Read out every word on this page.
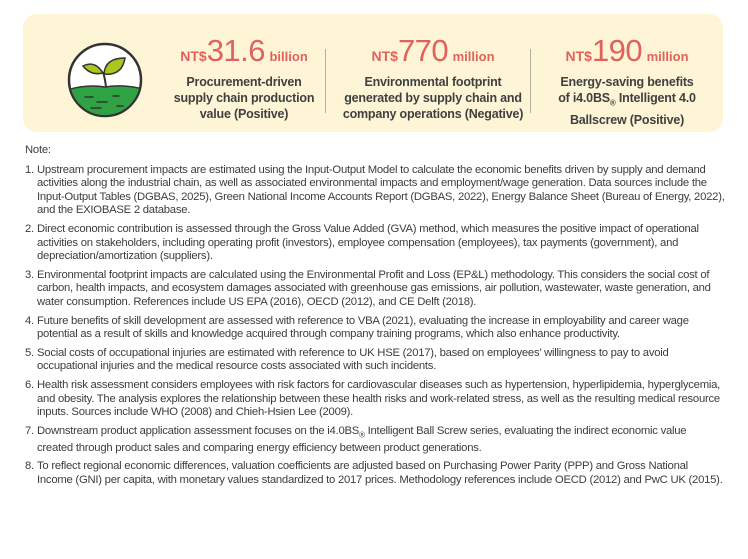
NT$31.6 billion
Procurement-driven
supply chain production
value (Positive)
NT$770 million
Environmental footprint
generated by supply chain and
company operations (Negative)
NT$190 million
Energy-saving benefits
of $i4.0BS_®$ Intelligent 4.0
Ballscrew (Positive)
Note:
1. Upstream procurement impacts are estimated using the Input-Output Model to calculate the economic benefits driven by supply and demand activities along the industrial chain, as well as associated environmental impacts and employment/wage generation. Data sources include the Input-Output Tables (DGBAS, 2025), Green National Income Accounts Report (DGBAS, 2022), Energy Balance Sheet (Bureau of Energy, 2022), and the EXIOBASE 2 database.
2. Direct economic contribution is assessed through the Gross Value Added (GVA) method, which measures the positive impact of operational activities on stakeholders, including operating profit (investors), employee compensation (employees), tax payments (government), and depreciation/amortization (suppliers).
3. Environmental footprint impacts are calculated using the Environmental Profit and Loss (EP&L) methodology. This considers the social cost of carbon, health impacts, and ecosystem damages associated with greenhouse gas emissions, air pollution, wastewater, waste generation, and water consumption. References include US EPA (2016), OECD (2012), and CE Delft (2018).
4. Future benefits of skill development are assessed with reference to VBA (2021), evaluating the increase in employability and career wage potential as a result of skills and knowledge acquired through company training programs, which also enhance productivity.
5. Social costs of occupational injuries are estimated with reference to UK HSE (2017), based on employees’ willingness to pay to avoid occupational injuries and the medical resource costs associated with such incidents.
6. Health risk assessment considers employees with risk factors for cardiovascular diseases such as hypertension, hyperlipidemia, hyperglycemia, and obesity. The analysis explores the relationship between these health risks and work-related stress, as well as the resulting medical resource inputs. Sources include WHO (2008) and Chieh-Hsien Lee (2009).
7. Downstream product application assessment focuses on the $i4.0BS_®$ Intelligent Ball Screw series, evaluating the indirect economic value created through product sales and comparing energy efficiency between product generations.
8. To reflect regional economic differences, valuation coefficients are adjusted based on Purchasing Power Parity (PPP) and Gross National Income (GNI) per capita, with monetary values standardized to 2017 prices. Methodology references include OECD (2012) and PwC UK (2015).
